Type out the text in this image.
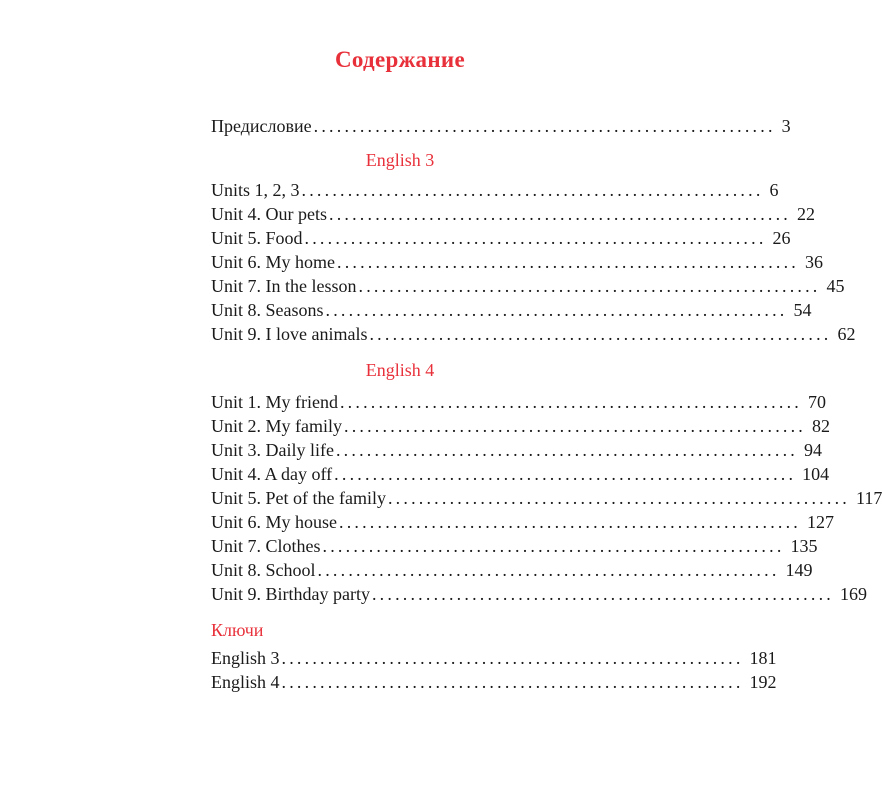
Содержание
Предисловие ............................................................ 3
English 3
Units 1, 2, 3 ............................................................ 6
Unit 4. Our pets ............................................................ 22
Unit 5. Food ............................................................ 26
Unit 6. My home ............................................................ 36
Unit 7. In the lesson ............................................................ 45
Unit 8. Seasons ............................................................ 54
Unit 9. I love animals ............................................................ 62
English 4
Unit 1. My friend ............................................................ 70
Unit 2. My family ............................................................ 82
Unit 3. Daily life ............................................................ 94
Unit 4. A day off ............................................................ 104
Unit 5. Pet of the family ............................................................ 117
Unit 6. My house ............................................................ 127
Unit 7. Clothes ............................................................ 135
Unit 8. School ............................................................ 149
Unit 9. Birthday party ............................................................ 169
Ключи
English 3 ............................................................ 181
English 4 ............................................................ 192
